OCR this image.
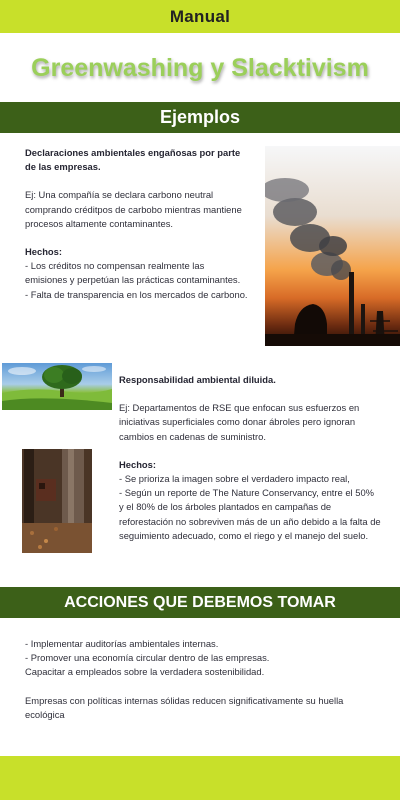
Manual
Greenwashing y Slacktivism
Ejemplos

Declaraciones ambientales engañosas por parte de las empresas.

Ej: Una compañía se declara carbono neutral comprando créditpos de carbobo mientras mantiene procesos altamente contaminantes.

Hechos:

- Los créditos no compensan realmente las emisiones y perpetúan las prácticas contaminantes.

- Falta de transparencia en los mercados de carbono.

Responsabilidad ambiental diluida.

Ej: Departamentos de RSE que enfocan sus esfuerzos en iniciativas superficiales como donar ábroles pero ignoran cambios en cadenas de suministro.

Hechos:

- Se prioriza la imagen sobre el verdadero impacto real,

- Según un reporte de The Nature Conservancy, entre el 50% y el 80% de los árboles plantados en campañas de reforestación no sobreviven más de un año debido a la falta de seguimiento adecuado, como el riego y el manejo del suelo.

ACCIONES QUE DEBEMOS TOMAR

- Implementar auditorías ambientales internas.

- Promover una economía circular dentro de las empresas.

Capacitar a empleados sobre la verdadera sostenibilidad.

Empresas con políticas internas sólidas reducen significativamente su huella ecológica
